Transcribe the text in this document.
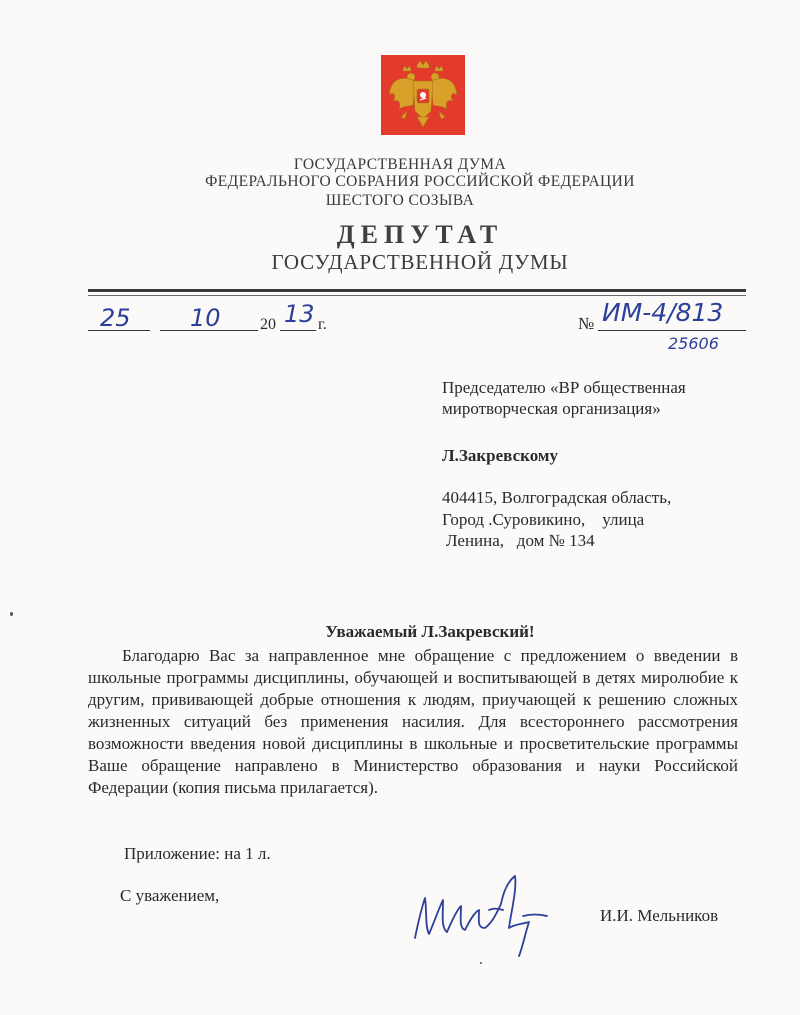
ГОСУДАРСТВЕННАЯ ДУМА
ФЕДЕРАЛЬНОГО СОБРАНИЯ РОССИЙСКОЙ ФЕДЕРАЦИИ
ШЕСТОГО СОЗЫВА
ДЕПУТАТ
ГОСУДАРСТВЕННОЙ ДУМЫ
25 10 20 13 г.	№ ИМ-4/813
25606
Председателю «ВР общественная
миротворческая организация»
Л.Закревскому
404415, Волгоградская область,
Город .Суровикино,    улица
Ленина,   дом № 134
Уважаемый Л.Закревский!
Благодарю Вас за направленное мне обращение с предложением о введении в школьные программы дисциплины, обучающей и воспитывающей в детях миролюбие к другим, прививающей добрые отношения к людям, приучающей к решению сложных жизненных ситуаций без применения насилия. Для всестороннего рассмотрения возможности введения новой дисциплины в школьные и просветительские программы Ваше обращение направлено в Министерство образования и науки Российской Федерации (копия письма прилагается).
Приложение: на 1 л.
С уважением,
И.И. Мельников
